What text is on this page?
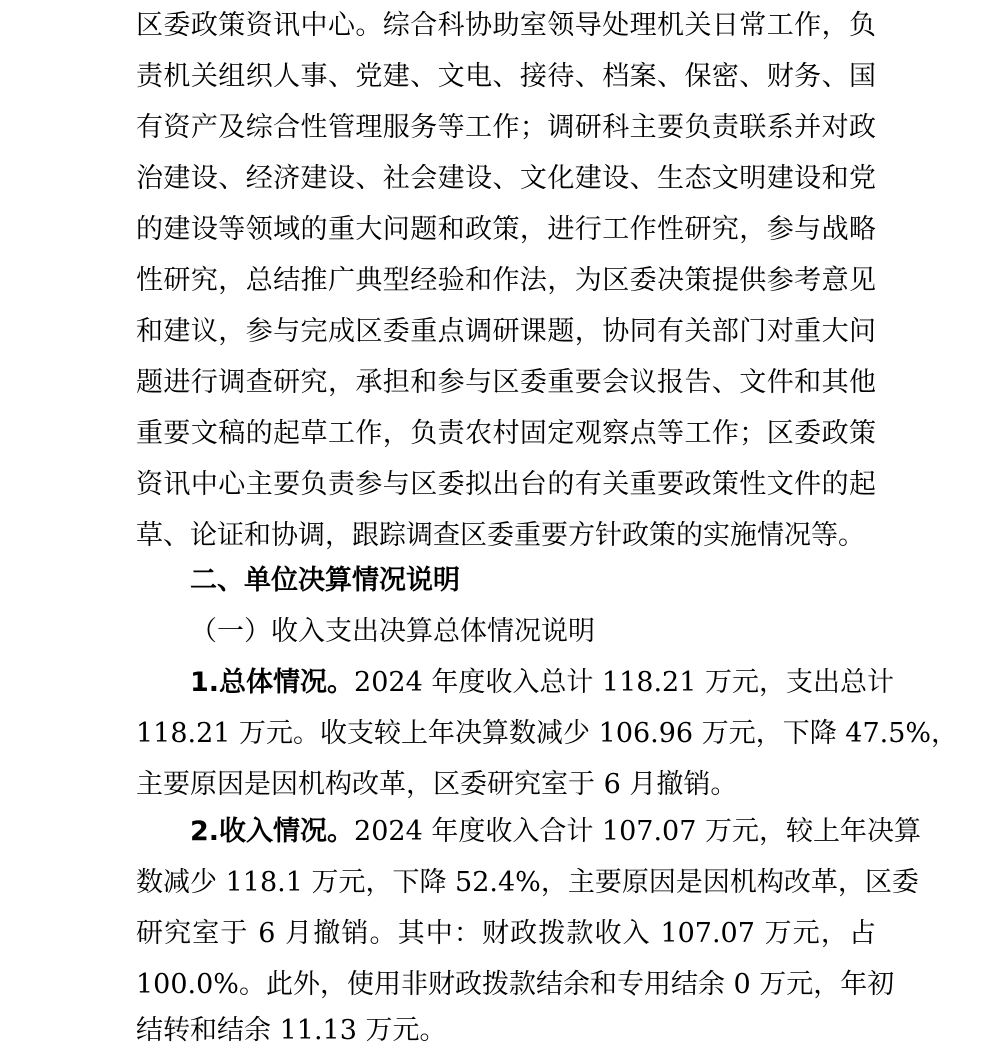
区委政策资讯中心。综合科协助室领导处理机关日常工作，负
责机关组织人事、党建、文电、接待、档案、保密、财务、国
有资产及综合性管理服务等工作；调研科主要负责联系并对政
治建设、经济建设、社会建设、文化建设、生态文明建设和党
的建设等领域的重大问题和政策，进行工作性研究，参与战略
性研究，总结推广典型经验和作法，为区委决策提供参考意见
和建议，参与完成区委重点调研课题，协同有关部门对重大问
题进行调查研究，承担和参与区委重要会议报告、文件和其他
重要文稿的起草工作，负责农村固定观察点等工作；区委政策
资讯中心主要负责参与区委拟出台的有关重要政策性文件的起
草、论证和协调，跟踪调查区委重要方针政策的实施情况等。
二、单位决算情况说明
（一）收入支出决算总体情况说明
1.总体情况。2024 年度收入总计 118.21 万元，支出总计
118.21 万元。收支较上年决算数减少 106.96 万元，下降 47.5%，
主要原因是因机构改革，区委研究室于 6 月撤销。
2.收入情况。2024 年度收入合计 107.07 万元，较上年决算
数减少 118.1 万元，下降 52.4%，主要原因是因机构改革，区委
研究室于 6 月撤销。其中：财政拨款收入 107.07 万元，占
100.0%。此外，使用非财政拨款结余和专用结余 0 万元，年初
结转和结余 11.13 万元。
